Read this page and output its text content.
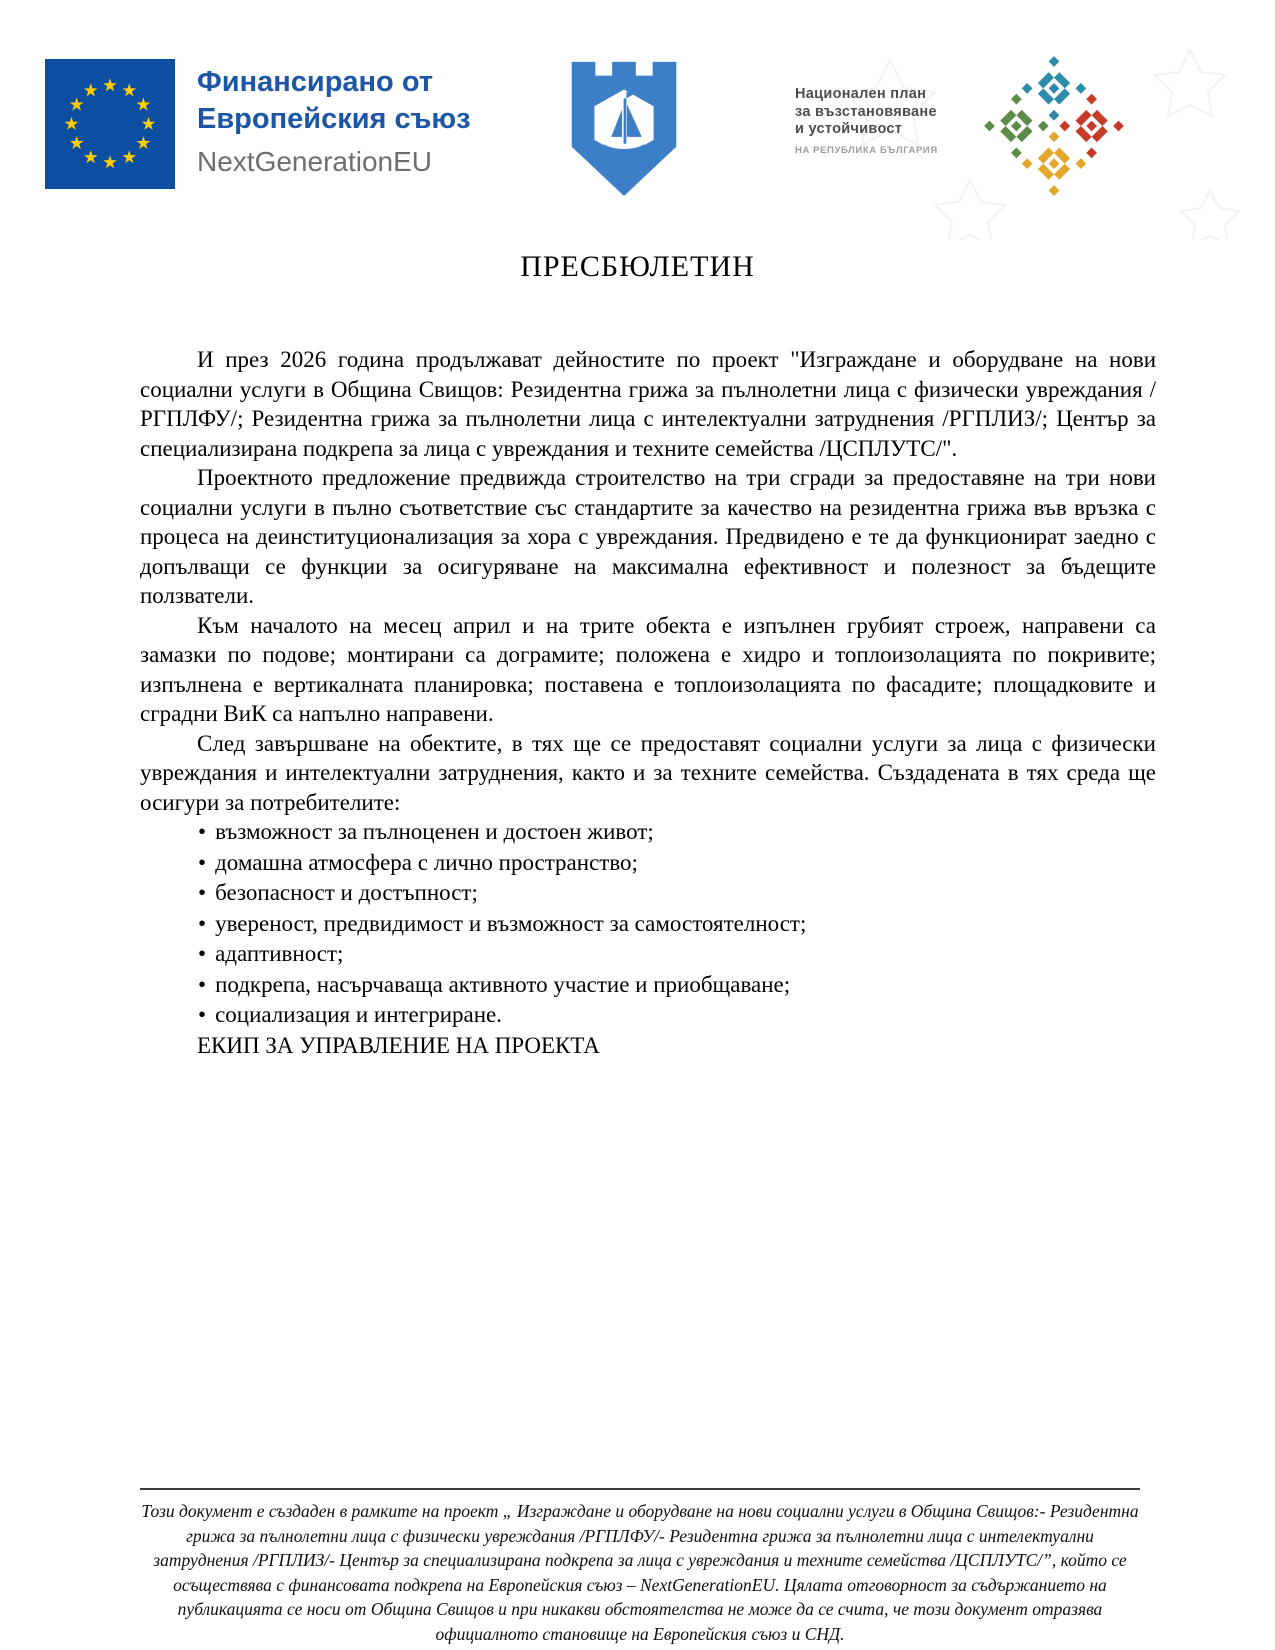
Финансирано от
Европейския съюз
NextGenerationEU
Национален план
за възстановяване
и устойчивост
НА РЕПУБЛИКА БЪЛГАРИЯ
ПРЕСБЮЛЕТИН

И през 2026 година продължават дейностите по проект "Изграждане и оборудване на нови социални услуги в Община Свищов: Резидентна грижа за пълнолетни лица с физически увреждания /РГПЛФУ/; Резидентна грижа за пълнолетни лица с интелектуални затруднения /РГПЛИЗ/; Център за специализирана подкрепа за лица с увреждания и техните семейства /ЦСПЛУТС/".

Проектното предложение предвижда строителство на три сгради за предоставяне на три нови социални услуги в пълно съответствие със стандартите за качество на резидентна грижа във връзка с процеса на деинституционализация за хора с увреждания. Предвидено е те да функционират заедно с допълващи се функции за осигуряване на максимална ефективност и полезност за бъдещите ползватели.

Към началото на месец април и на трите обекта е изпълнен грубият строеж, направени са замазки по подове; монтирани са дограмите; положена е хидро и топлоизолацията по покривите; изпълнена е вертикалната планировка; поставена е топлоизолацията по фасадите; площадковите и сградни ВиК са напълно направени.

След завършване на обектите, в тях ще се предоставят социални услуги за лица с физически увреждания и интелектуални затруднения, както и за техните семейства. Създадената в тях среда ще осигури за потребителите:

• възможност за пълноценен и достоен живот;
• домашна атмосфера с лично пространство;
• безопасност и достъпност;
• увереност, предвидимост и възможност за самостоятелност;
• адаптивност;
• подкрепа, насърчаваща активното участие и приобщаване;
• социализация и интегриране.

ЕКИП ЗА УПРАВЛЕНИЕ НА ПРОЕКТА

Този документ е създаден в рамките на проект „ Изграждане и оборудване на нови социални услуги в Община Свищов:- Резидентна грижа за пълнолетни лица с физически увреждания /РГПЛФУ/- Резидентна грижа за пълнолетни лица с интелектуални затруднения /РГПЛИЗ/- Център за специализирана подкрепа за лица с увреждания и техните семейства /ЦСПЛУТС/”, който се осъществява с финансовата подкрепа на Европейския съюз – NextGenerationEU. Цялата отговорност за съдържанието на публикацията се носи от Община Свищов и при никакви обстоятелства не може да се счита, че този документ отразява официалното становище на Европейския съюз и СНД.
